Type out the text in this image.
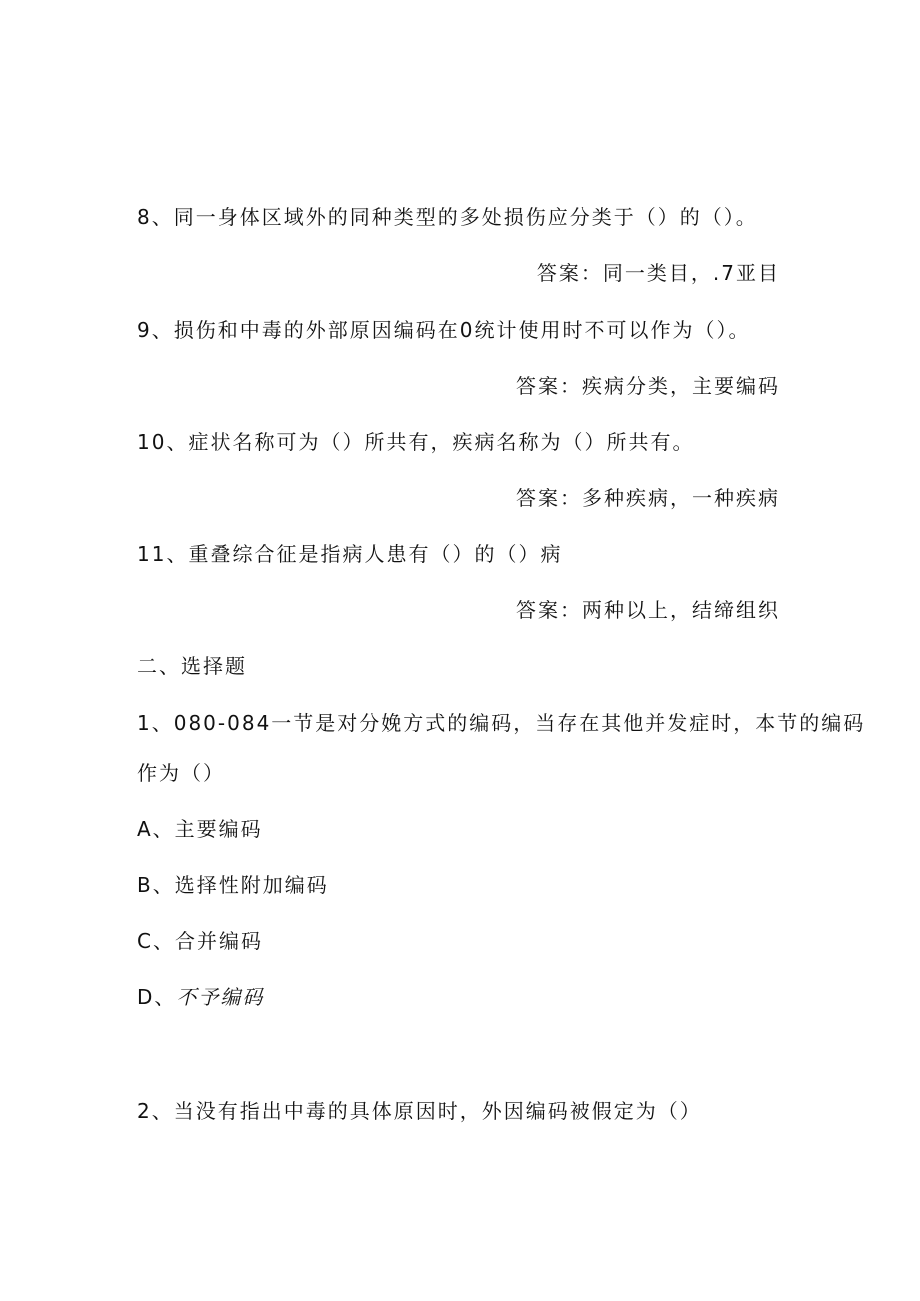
8、同一身体区域外的同种类型的多处损伤应分类于（）的（）。
答案：同一类目，.7亚目
9、损伤和中毒的外部原因编码在0统计使用时不可以作为（）。
答案：疾病分类，主要编码
10、症状名称可为（）所共有，疾病名称为（）所共有。
答案：多种疾病，一种疾病
11、重叠综合征是指病人患有（）的（）病
答案：两种以上，结缔组织
二、选择题
1、080-084一节是对分娩方式的编码，当存在其他并发症时，本节的编码
作为（）
A、主要编码
B、选择性附加编码
C、合并编码
D、不予编码
2、当没有指出中毒的具体原因时，外因编码被假定为（）
